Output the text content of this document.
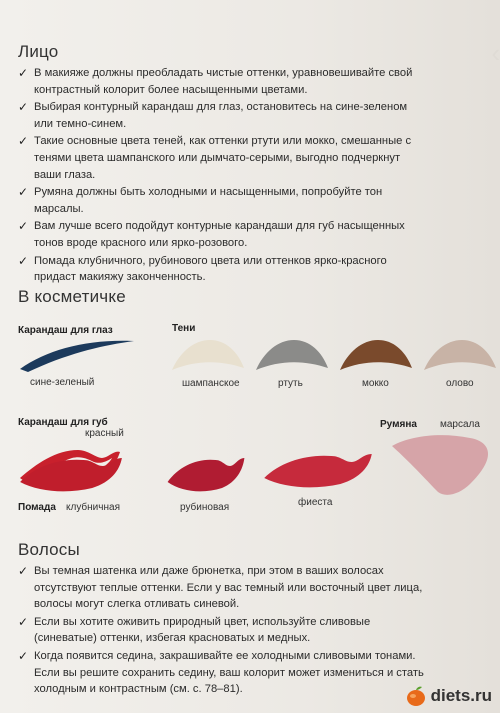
‹
Лицо
✓ В макияже должны преобладать чистые оттенки, уравновешивайте свой контрастный колорит более насыщенными цветами.
✓ Выбирая контурный карандаш для глаз, остановитесь на сине-зеленом или темно-синем.
✓ Такие основные цвета теней, как оттенки ртути или мокко, смешанные с тенями цвета шампанского или дымчато-серыми, выгодно подчеркнут ваши глаза.
✓ Румяна должны быть холодными и насыщенными, попробуйте тон марсалы.
✓ Вам лучше всего подойдут контурные карандаши для губ насыщенных тонов вроде красного или ярко-розового.
✓ Помада клубничного, рубинового цвета или оттенков ярко-красного придаст макияжу законченность.
В косметичке
Карандаш для глаз
сине-зеленый
Тени
шампанское	ртуть	мокко	олово
Карандаш для губ
красный
Помада клубничная	рубиновая	фиеста
Румяна марсала
Волосы
✓ Вы темная шатенка или даже брюнетка, при этом в ваших волосах отсутствуют теплые оттенки. Если у вас темный или восточный цвет лица, волосы могут слегка отливать синевой.
✓ Если вы хотите оживить природный цвет, используйте сливовые (синеватые) оттенки, избегая красноватых и медных.
✓ Когда появится седина, закрашивайте ее холодными сливовыми тонами. Если вы решите сохранить седину, ваш колорит может измениться и стать холодным и контрастным (см. с. 78–81).	diets.ru
